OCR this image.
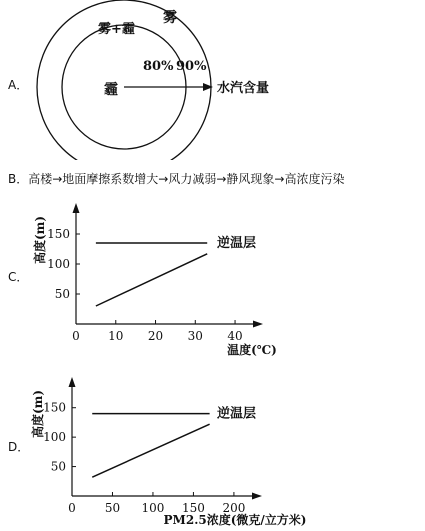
A．
雾
雾+霾
霾
80% 90%
水汽含量
B．高楼→地面摩擦系数增大→风力减弱→静风现象→高浓度污染
C．
0 10 20 30 40
50
100
150
逆温层
高度(m)
温度(℃)
D．
0 50 100 150 200
50
100
150	逆温层
高度(m)
PM2.5浓度(微克/立方米)
